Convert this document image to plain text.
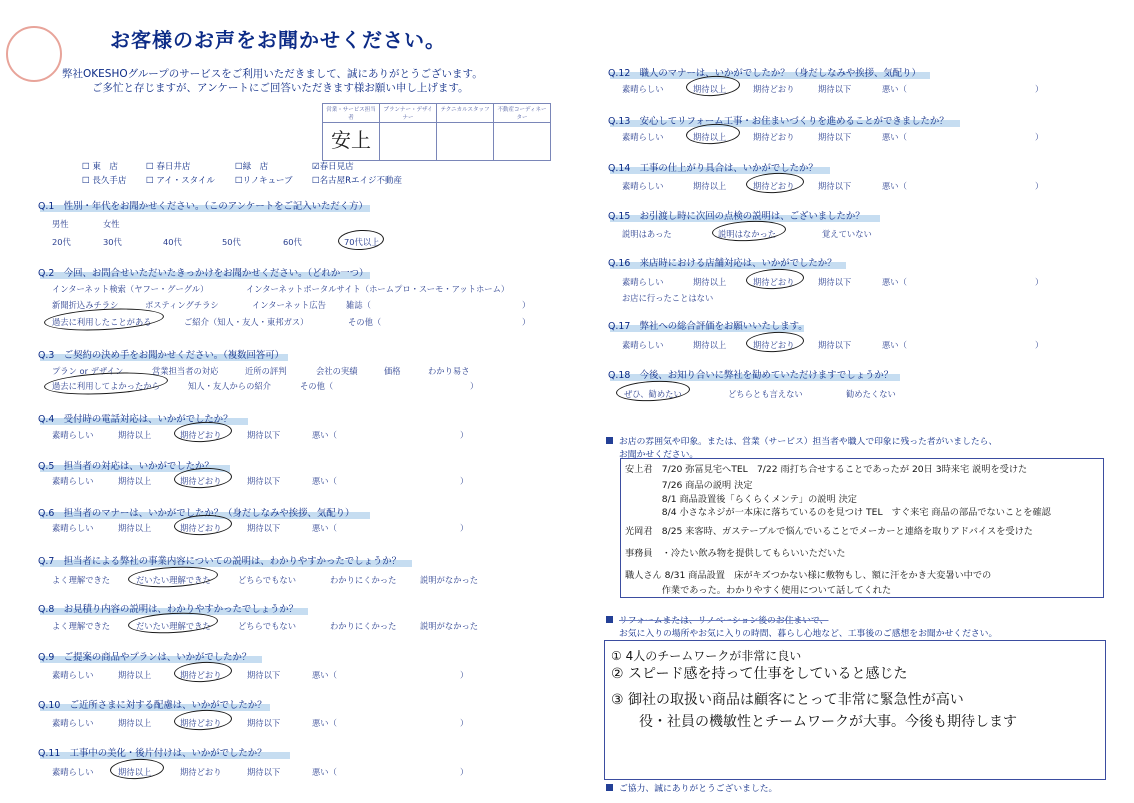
お客様のお声をお聞かせください。
弊社OKESHOグループのサービスをご利用いただきまして、誠にありがとうございます。
ご多忙と存じますが、アンケートにご回答いただきます様お願い申し上げます。
営業・サービス担当者	プランナー・デザイナー	テクニカルスタッフ	不動産コーディネーター
安上			
☐ 東　店	☐ 春日井店	☐緑　店	☑春日見店
☐ 長久手店 ☐ アイ・スタイル ☐リノキューブ ☐名古屋Rエイジ不動産
Q.1　性別・年代をお聞かせください。（このアンケートをご記入いただく方）
男性	女性
20代	30代	40代	50代	60代	70代以上
Q.2　今回、お問合せいただいたきっかけをお聞かせください。（どれか一つ）
インターネット検索（ヤフー・グーグル）	インターネットポータルサイト（ホームプロ・スーモ・アットホーム）
新聞折込みチラシ	ポスティングチラシ	インターネット広告 雑誌（	）
過去に利用したことがある	ご紹介（知人・友人・東邦ガス）	その他（	）
Q.3　ご契約の決め手をお聞かせください。（複数回答可）
プラン or デザイン	営業担当者の対応	近所の評判	会社の実績	価格	わかり易さ
過去に利用してよかったから	知人・友人からの紹介	その他（	）
Q.4　受付時の電話対応は、いかがでしたか？
Q.5　担当者の対応は、いかがでしたか？
Q.6　担当者のマナーは、いかがでしたか？（身だしなみや挨拶、気配り）
素晴らしい	期待以上	期待どおり	期待以下	悪い（	）
素晴らしい	期待以上	期待どおり	期待以下	悪い（	）
素晴らしい	期待以上	期待どおり	期待以下	悪い（	）
Q.7　担当者による弊社の事業内容についての説明は、わかりやすかったでしょうか？
よく理解できた	だいたい理解できた	どちらでもない	わかりにくかった	説明がなかった
Q.8　お見積り内容の説明は、わかりやすかったでしょうか？
よく理解できた	だいたい理解できた	どちらでもない	わかりにくかった	説明がなかった
Q.9　ご提案の商品やプランは、いかがでしたか？
素晴らしい	期待以上	期待どおり	期待以下	悪い（	）
Q.10　ご近所さまに対する配慮は、いかがでしたか？
素晴らしい	期待以上	期待どおり	期待以下	悪い（	）
Q.11　工事中の美化・後片付けは、いかがでしたか？
素晴らしい	期待以上	期待どおり	期待以下	悪い（	）
Q.12　職人のマナーは、いかがでしたか？（身だしなみや挨拶、気配り）
素晴らしい	期待以上	期待どおり	期待以下	悪い（	）
Q.13　安心してリフォーム工事・お住まいづくりを進めることができましたか？
素晴らしい	期待以上	期待どおり	期待以下	悪い（	）
Q.14　工事の仕上がり具合は、いかがでしたか？
素晴らしい	期待以上	期待どおり	期待以下	悪い（	）
Q.15　お引渡し時に次回の点検の説明は、ございましたか？
説明はあった	説明はなかった	覚えていない
Q.16　来店時における店舗対応は、いかがでしたか？
素晴らしい	期待以上	期待どおり	期待以下	悪い（	）
お店に行ったことはない
Q.17　弊社への総合評価をお願いいたします。
素晴らしい	期待以上	期待どおり	期待以下	悪い（	）
Q.18　今後、お知り合いに弊社を勧めていただけますでしょうか？
ぜひ、勧めたい	どちらとも言えない	勧めたくない
お店の雰囲気や印象。または、営業（サービス）担当者や職人で印象に残った者がいましたら、
お聞かせください。
安上君　7/20 弥冨見宅へTEL　7/22 雨打ち合せすることであったが 20日 3時来宅 説明を受けた
　　　　7/26 商品の説明 決定
　　　　8/1 商品設置後「らくらくメンテ」の説明 決定
　　　　8/4 小さなネジが一本床に落ちているのを見つけ TEL　すぐ来宅 商品の部品でないことを確認
光岡君　8/25 来客時、ガステーブルで悩んでいることでメーカーと連絡を取りアドバイスを受けた
事務員　・冷たい飲み物を提供してもらいいただいた
職人さん 8/31 商品設置　床がキズつかない様に敷物もし、額に汗をかき大変暑い中での
　　　　作業であった。わかりやすく使用について話してくれた
リフォームまたは、リノベーション後のお住まいで、
お気に入りの場所やお気に入りの時間、暮らし心地など、工事後のご感想をお聞かせください。
① 4人のチームワークが非常に良い
② スピード感を持って仕事をしていると感じた
③ 御社の取扱い商品は顧客にとって非常に緊急性が高い
　　役・社員の機敏性とチームワークが大事。今後も期待します
ご協力、誠にありがとうございました。
